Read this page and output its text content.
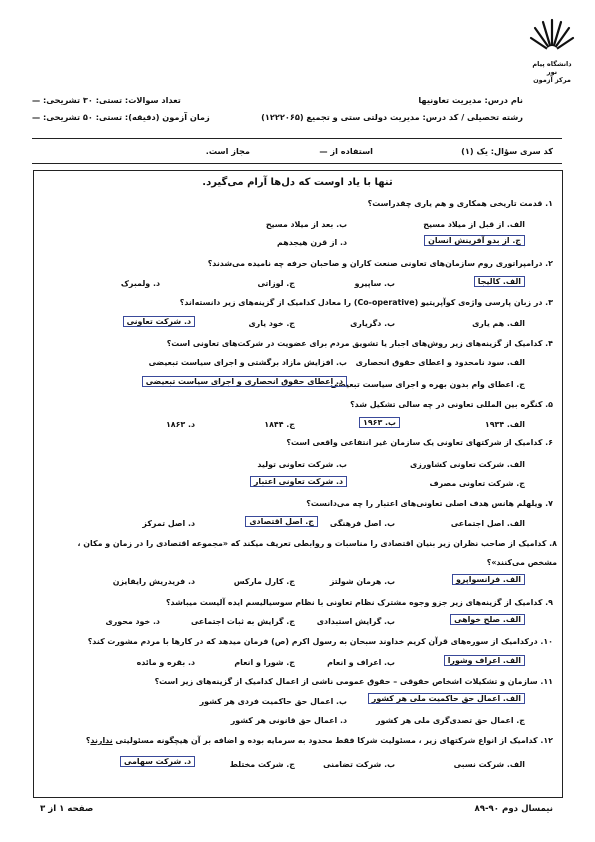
دانشگاه پیام نور
مرکز آزمون
نام درس: مدیریت تعاونیها
رشته تحصیلی / کد درس: مدیریت دولتی ستی و تجمیع (۱۲۲۲۰۶۵)
تعداد سوالات: تستی: ۳۰ تشریحی: —
زمان آزمون (دقیقه): تستی: ۵۰ تشریحی: —
کد سری سؤال: یک (۱)
استفاده از —
مجاز است.
تنها با یاد اوست که دل‌ها آرام می‌گیرد.
۱. قدمت تاریخی همکاری و هم یاری چقدراست؟
الف. از قبل از میلاد مسیح
ب. بعد از میلاد مسیح
ج. از بدو آفرینش انسان
د. از قرن هیجدهم
۲. درامپراتوری روم سازمان‌های تعاونی صنعت کاران و صاحبان حرفه چه نامیده می‌شدند؟
الف. کالیجا
ب. ساپیرو
ج. لوزاتی
د. ولمبرک
۳. در زبان پارسی واژه‌ی کوآپریتیو (Co-operative) را معادل کدامیک از گزینه‌های زیر دانسته‌اند؟
الف. هم یاری
ب. دگریاری
ج. خود یاری
د. شرکت تعاونی
۴. کدامیک از گزینه‌های زیر روش‌های اجبار یا تشویق مردم برای عضویت در شرکت‌های تعاونی است؟
الف. سود نامحدود و اعطای حقوق انحصاری
ب. افزایش مازاد برگشتی و اجرای سیاست تبعیضی
ج. اعطای وام بدون بهره و اجرای سیاست تبعیضی
د. اعطای حقوق انحصاری و اجرای سیاست تبعیضی
۵. کنگره بین المللی تعاونی در چه سالی تشکیل شد؟
الف. ۱۹۳۴
ب. ۱۹۶۳
ج. ۱۸۴۴
د. ۱۸۶۳
۶. کدامیک از شرکتهای تعاونی یک سازمان غیر انتفاعی واقعی است؟
الف. شرکت تعاونی کشاورزی
ب. شرکت تعاونی تولید
ج. شرکت تعاونی مصرف
د. شرکت تعاونی اعتبار
۷. ویلهلم هانس هدف اصلی تعاونی‌های اعتبار را چه می‌دانست؟
الف. اصل اجتماعی
ب. اصل فرهنگی
ج. اصل اقتصادی
د. اصل تمرکز
۸. کدامیک از صاحب نظران زیر بنیان اقتصادی را مناسبات و روابطی تعریف میکند که «مجموعه اقتصادی را در زمان و مکان ،
مشخص می‌کنند»؟
الف. فرانسواپرو
ب. هرمان شولتز
ج. کارل مارکس
د. فریدریش رایفایزن
۹. کدامیک از گزینه‌های زیر جزو وجوه مشترک نظام تعاونی با نظام سوسیالیسم ایده آلیست میباشد؟
الف. صلح خواهی
ب. گرایش استبدادی
ج. گرایش به ثبات اجتماعی
د. خود محوری
۱۰. درکدامیک از سوره‌های قرآن کریم خداوند سبحان به رسول اکرم (ص) فرمان میدهد که در کارها با مردم مشورت کند؟
الف. اعراف وشورا
ب. اعراف و انعام
ج. شورا و انعام
د. بقره و مائده
۱۱. سازمان و تشکیلات اشخاص حقوقی – حقوق عمومی ناشی از اعمال کدامیک از گزینه‌های زیر است؟
الف. اعمال حق حاکمیت ملی هر کشور
ب. اعمال حق حاکمیت فردی هر کشور
ج. اعمال حق تصدی‌گری ملی هر کشور
د. اعمال حق قانونی هر کشور
۱۲. کدامیک از انواع شرکتهای زیر ، مسئولیت شرکا فقط محدود به سرمایه بوده و اضافه بر آن هیچگونه مسئولیتی ندارند؟
الف. شرکت نسبی
ب. شرکت تضامنی
ج. شرکت مختلط
د. شرکت سهامی
نیمسال دوم ۹۰-۸۹
صفحه ۱ از ۳
